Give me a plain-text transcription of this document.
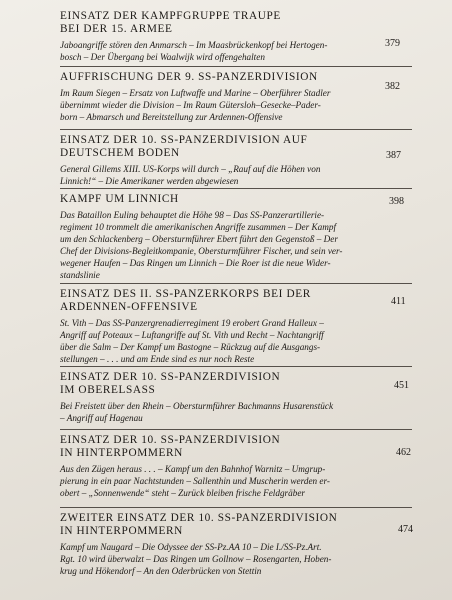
EINSATZ DER KAMPFGRUPPE TRAUPE
BEI DER 15. ARMEE
Jaboangriffe stören den Anmarsch – Im Maasbrückenkopf bei Hertogen-
bosch – Der Übergang bei Waalwijk wird offengehalten
379
AUFFRISCHUNG DER 9. SS-PANZERDIVISION
Im Raum Siegen – Ersatz von Luftwaffe und Marine – Oberführer Stadler
übernimmt wieder die Division – Im Raum Gütersloh–Gesecke–Pader-
born – Abmarsch und Bereitstellung zur Ardennen-Offensive
382
EINSATZ DER 10. SS-PANZERDIVISION AUF
DEUTSCHEM BODEN
General Gillems XIII. US-Korps will durch – „Rauf auf die Höhen von
Linnich!“ – Die Amerikaner werden abgewiesen
387
KAMPF UM LINNICH
Das Bataillon Euling behauptet die Höhe 98 – Das SS-Panzerartillerie-
regiment 10 trommelt die amerikanischen Angriffe zusammen – Der Kampf
um den Schlackenberg – Obersturmführer Ebert führt den Gegenstoß – Der
Chef der Divisions-Begleitkompanie, Obersturmführer Fischer, und sein ver-
wegener Haufen – Das Ringen um Linnich – Die Roer ist die neue Wider-
standslinie
398
EINSATZ DES II. SS-PANZERKORPS BEI DER
ARDENNEN-OFFENSIVE
St. Vith – Das SS-Panzergrenadierregiment 19 erobert Grand Halleux –
Angriff auf Poteaux – Luftangriffe auf St. Vith und Recht – Nachtangriff
über die Salm – Der Kampf um Bastogne – Rückzug auf die Ausgangs-
stellungen – . . . und am Ende sind es nur noch Reste
411
EINSATZ DER 10. SS-PANZERDIVISION
IM OBERELSASS
Bei Freistett über den Rhein – Obersturmführer Bachmanns Husarenstück
– Angriff auf Hagenau
451
EINSATZ DER 10. SS-PANZERDIVISION
IN HINTERPOMMERN
Aus den Zügen heraus . . . – Kampf um den Bahnhof Warnitz – Umgrup-
pierung in ein paar Nachtstunden – Sallenthin und Muscherin werden er-
obert – „Sonnenwende“ steht – Zurück bleiben frische Feldgräber
462
ZWEITER EINSATZ DER 10. SS-PANZERDIVISION
IN HINTERPOMMERN
Kampf um Naugard – Die Odyssee der SS-Pz.AA 10 – Die I./SS-Pz.Art.
Rgt. 10 wird überwalzt – Das Ringen um Gollnow – Rosengarten, Hoben-
krug und Hökendorf – An den Oderbrücken von Stettin
474
